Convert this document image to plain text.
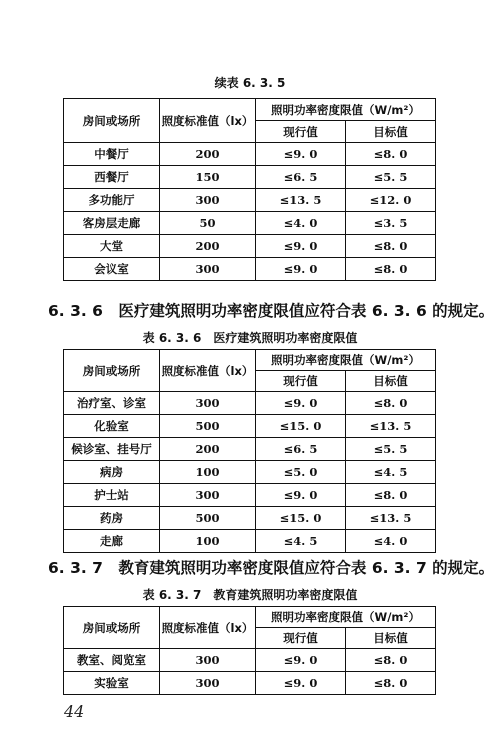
续表 6. 3. 5
房间或场所	照度标准值（lx）	照明功率密度限值（W/m²）	
		现行值	目标值
中餐厅	200	≤9. 0	≤8. 0
西餐厅	150	≤6. 5	≤5. 5
多功能厅	300	≤13. 5	≤12. 0
客房层走廊	50	≤4. 0	≤3. 5
大堂	200	≤9. 0	≤8. 0
会议室	300	≤9. 0	≤8. 0
6. 3. 6　医疗建筑照明功率密度限值应符合表 6. 3. 6 的规定。
表 6. 3. 6　医疗建筑照明功率密度限值
房间或场所	照度标准值（lx）	照明功率密度限值（W/m²）	
		现行值	目标值
治疗室、诊室	300	≤9. 0	≤8. 0
化验室	500	≤15. 0	≤13. 5
候诊室、挂号厅	200	≤6. 5	≤5. 5
病房	100	≤5. 0	≤4. 5
护士站	300	≤9. 0	≤8. 0
药房	500	≤15. 0	≤13. 5
走廊	100	≤4. 5	≤4. 0
6. 3. 7　教育建筑照明功率密度限值应符合表 6. 3. 7 的规定。
表 6. 3. 7　教育建筑照明功率密度限值
房间或场所	照度标准值（lx）	照明功率密度限值（W/m²）	
		现行值	目标值
教室、阅览室	300	≤9. 0	≤8. 0
实验室	300	≤9. 0	≤8. 0
44
